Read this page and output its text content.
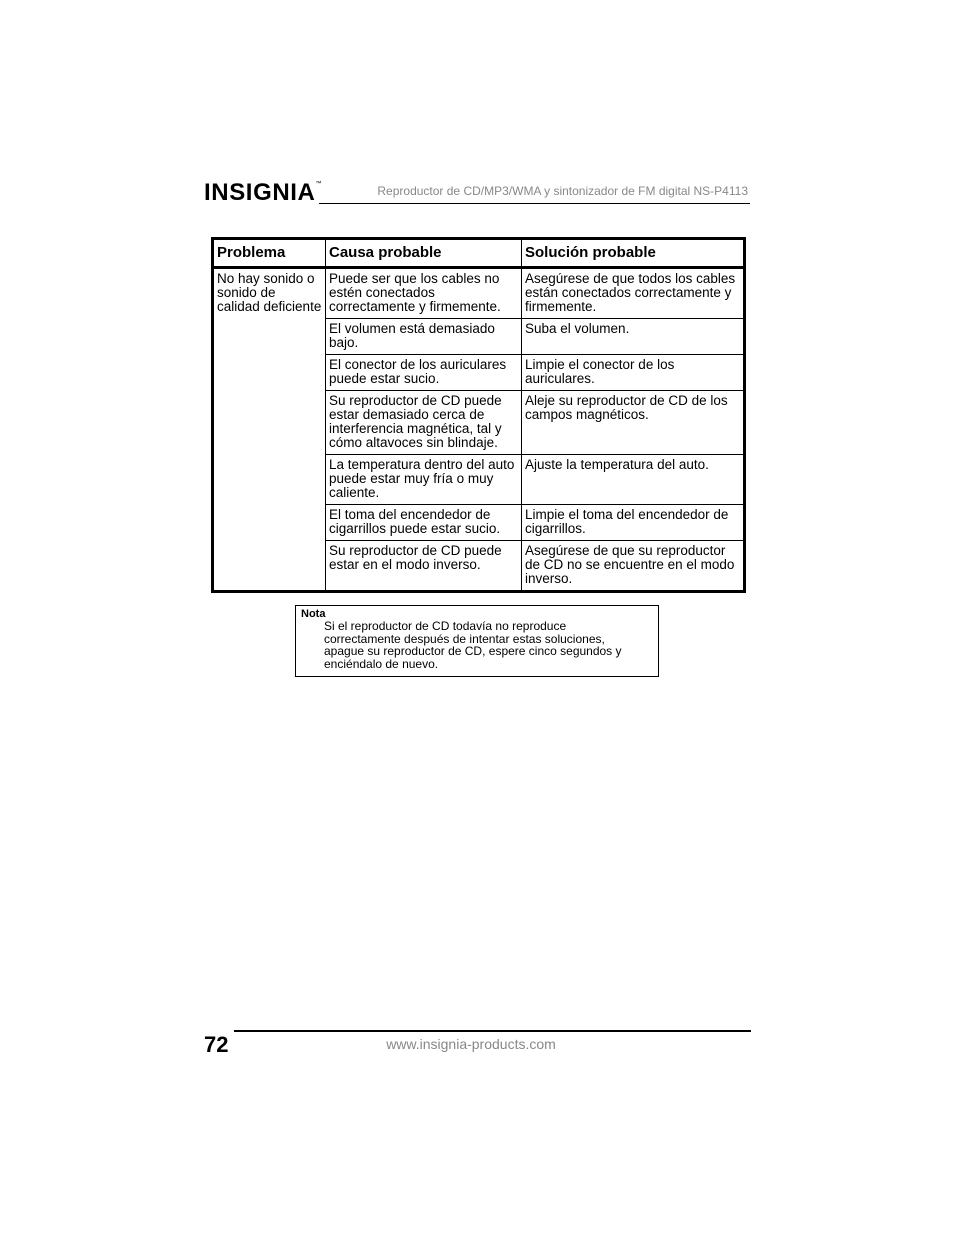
INSIGNIA™	Reproductor de CD/MP3/WMA y sintonizador de FM digital NS-P4113
Problema	Causa probable	Solución probable
No hay sonido o sonido de calidad deficiente	Puede ser que los cables no estén conectados correctamente y firmemente.	Asegúrese de que todos los cables están conectados correctamente y firmemente.
	El volumen está demasiado bajo.	Suba el volumen.
	El conector de los auriculares puede estar sucio.	Limpie el conector de los auriculares.
	Su reproductor de CD puede estar demasiado cerca de interferencia magnética, tal y cómo altavoces sin blindaje.	Aleje su reproductor de CD de los campos magnéticos.
	La temperatura dentro del auto puede estar muy fría o muy caliente.	Ajuste la temperatura del auto.
	El toma del encendedor de cigarrillos puede estar sucio.	Limpie el toma del encendedor de cigarrillos.
	Su reproductor de CD puede estar en el modo inverso.	Asegúrese de que su reproductor de CD no se encuentre en el modo inverso.
Nota
Si el reproductor de CD todavía no reproduce correctamente después de intentar estas soluciones, apague su reproductor de CD, espere cinco segundos y enciéndalo de nuevo.
72	www.insignia-products.com
